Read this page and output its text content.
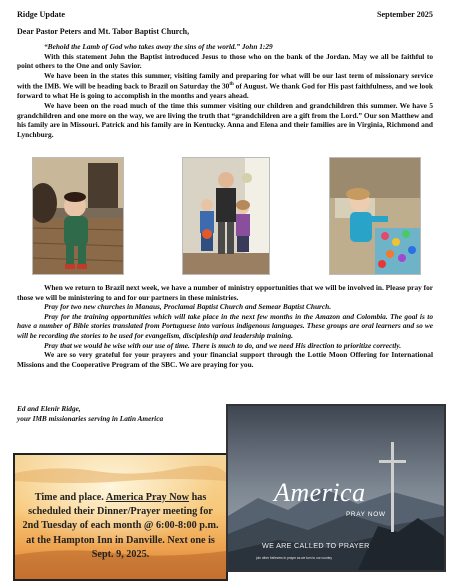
Ridge Update	September 2025
Dear Pastor Peters and Mt. Tabor Baptist Church,

“Behold the Lamb of God who takes away the sins of the world.” John 1:29

With this statement John the Baptist introduced Jesus to those who on the bank of the Jordan. May we all be faithful to point others to the One and only Savior.

We have been in the states this summer, visiting family and preparing for what will be our last term of missionary service with the IMB. We will be heading back to Brazil on Saturday the 30th of August. We thank God for His past faithfulness, and we look forward to what He is going to accomplish in the months and years ahead.

We have been on the road much of the time this summer visiting our children and grandchildren this summer. We have 5 grandchildren and one more on the way, we are living the truth that “grandchildren are a gift from the Lord.” Our son Matthew and his family are in Missouri. Patrick and his family are in Kentucky. Anna and Elena and their families are in Virginia, Richmond and Lynchburg.

When we return to Brazil next week, we have a number of ministry opportunities that we will be involved in. Please pray for those we will be ministering to and for our partners in these ministries.

Pray for two new churches in Manaus, Proclamai Baptist Church and Semear Baptist Church.

Pray for the training opportunities which will take place in the next few months in the Amazon and Colombia. The goal is to have a number of Bible stories translated from Portuguese into various indigenous languages. These groups are oral learners and so we will be recording the stories to be used for evangelism, discipleship and leadership training.

Pray that we would be wise with our use of time. There is much to do, and we need His direction to prioritize correctly.

We are so very grateful for your prayers and your financial support through the Lottie Moon Offering for International Missions and the Cooperative Program of the SBC. We are praying for you.

Ed and Elenir Ridge,
your IMB missionaries serving in Latin America
Time and place. America Pray Now has scheduled their Dinner/Prayer meeting for 2nd Tuesday of each month @ 6:00-8:00 p.m. at the Hampton Inn in Danville. Next one is Sept. 9, 2025.
America
PRAY NOW
WE ARE CALLED TO PRAYER
join other believers in prayer as we turn to our country
